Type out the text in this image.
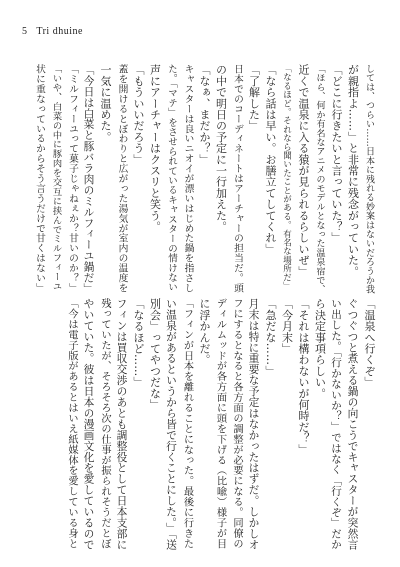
5 Tri dhuine
「温泉へ行くぞ」
ぐつぐつと煮える鍋の向こうでキャスターが突然言
い出した。「行かないか？」ではなく「行くぞ」だか
ら決定事項らしい。
「それは構わないが何時だ？」
「今月末」
「急だな……」
月末は特に重要な予定はなかったはずだ。しかしオ
フにするとなると各方面の調整が必要になる。同僚の
ディルムッドが各方面に頭を下げる（比喩）様子が目
に浮かんだ。
「フィンが日本を離れることになった。最後に行きた
い温泉があるというから皆で行くことにした。」「送
別会」ってやつだな」
「なるほど……」
フィンは買収交渉のあとも調整役として日本支部に
残っていたが、そろそろ次の仕事が振られそうだとぼ
やいていた。彼は日本の漫画文化を愛しているので
「今は電子版があるとはいえ紙媒体を愛している身と
しては、つらい……日本に残れる妙案はないだろうか我
が親指よ……」と非常に残念がっていた。
「どこに行きたいと言っていた？」
「ほら、何か有名なアニメのモデルとなった温泉宿で、
近くで温泉に入る猿が見られるらしいぜ」
「なるほど。それなら聞いたことがある。有名な場所だ」
「なら話は早い。お膳立てしてくれ」
「了解した」
日本でのコーディネートはアーチャーの担当だ。頭
の中で明日の予定に一行加えた。
「なぁ、まだか？」
キャスターは良いニオイが漂いはじめた鍋を指さし
た。「マテ」をさせられているキャスターの情けない
声にアーチャーはクスリと笑う。
「もういいだろう」
蓋を開けるとぼわりと広がった湯気が室内の温度を
一気に温めた。
「今日は白菜と豚バラ肉のミルフィーユ鍋だ」
「ミルフィーユって菓子じゃねぇか？甘いのか？」
「いや、白菜の中に豚肉を交互に挟んでミルフィーユ
状に重なっているからそう言うだけで甘くはない」
